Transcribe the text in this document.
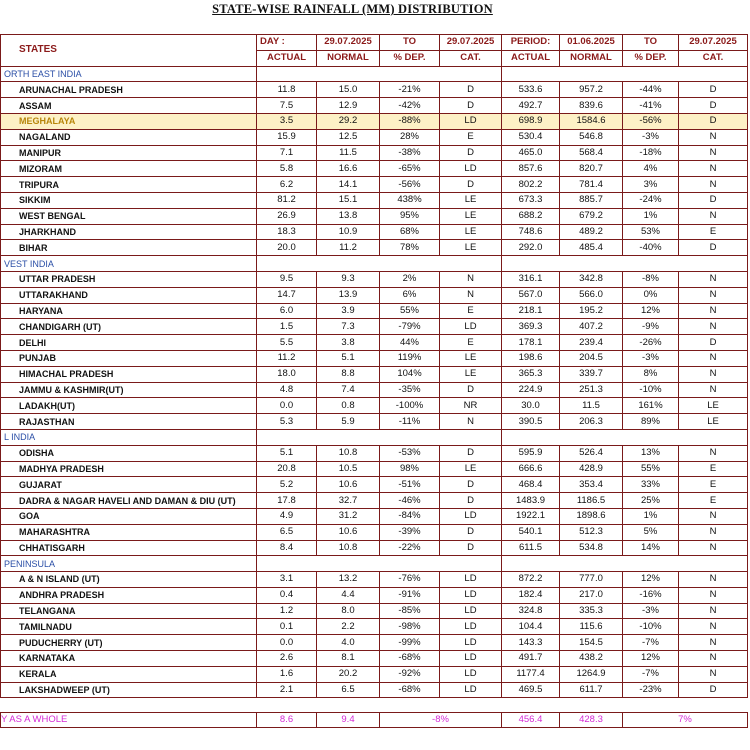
STATE-WISE RAINFALL (MM) DISTRIBUTION
STATES	DAY :	29.07.2025	TO	29.07.2025	PERIOD:	01.06.2025	TO	29.07.2025
	ACTUAL	NORMAL	% DEP.	CAT.	ACTUAL	NORMAL	% DEP.	CAT.
ORTH EAST INDIA								
ARUNACHAL PRADESH	11.8	15.0	-21%	D	533.6	957.2	-44%	D
ASSAM	7.5	12.9	-42%	D	492.7	839.6	-41%	D
MEGHALAYA	3.5	29.2	-88%	LD	698.9	1584.6	-56%	D
NAGALAND	15.9	12.5	28%	E	530.4	546.8	-3%	N
MANIPUR	7.1	11.5	-38%	D	465.0	568.4	-18%	N
MIZORAM	5.8	16.6	-65%	LD	857.6	820.7	4%	N
TRIPURA	6.2	14.1	-56%	D	802.2	781.4	3%	N
SIKKIM	81.2	15.1	438%	LE	673.3	885.7	-24%	D
WEST BENGAL	26.9	13.8	95%	LE	688.2	679.2	1%	N
JHARKHAND	18.3	10.9	68%	LE	748.6	489.2	53%	E
BIHAR	20.0	11.2	78%	LE	292.0	485.4	-40%	D
VEST INDIA								
UTTAR PRADESH	9.5	9.3	2%	N	316.1	342.8	-8%	N
UTTARAKHAND	14.7	13.9	6%	N	567.0	566.0	0%	N
HARYANA	6.0	3.9	55%	E	218.1	195.2	12%	N
CHANDIGARH (UT)	1.5	7.3	-79%	LD	369.3	407.2	-9%	N
DELHI	5.5	3.8	44%	E	178.1	239.4	-26%	D
PUNJAB	11.2	5.1	119%	LE	198.6	204.5	-3%	N
HIMACHAL PRADESH	18.0	8.8	104%	LE	365.3	339.7	8%	N
JAMMU & KASHMIR(UT)	4.8	7.4	-35%	D	224.9	251.3	-10%	N
LADAKH(UT)	0.0	0.8	-100%	NR	30.0	11.5	161%	LE
RAJASTHAN	5.3	5.9	-11%	N	390.5	206.3	89%	LE
L INDIA								
ODISHA	5.1	10.8	-53%	D	595.9	526.4	13%	N
MADHYA PRADESH	20.8	10.5	98%	LE	666.6	428.9	55%	E
GUJARAT	5.2	10.6	-51%	D	468.4	353.4	33%	E
DADRA & NAGAR HAVELI AND DAMAN & DIU (UT)	17.8	32.7	-46%	D	1483.9	1186.5	25%	E
GOA	4.9	31.2	-84%	LD	1922.1	1898.6	1%	N
MAHARASHTRA	6.5	10.6	-39%	D	540.1	512.3	5%	N
CHHATISGARH	8.4	10.8	-22%	D	611.5	534.8	14%	N
PENINSULA								
A & N ISLAND (UT)	3.1	13.2	-76%	LD	872.2	777.0	12%	N
ANDHRA PRADESH	0.4	4.4	-91%	LD	182.4	217.0	-16%	N
TELANGANA	1.2	8.0	-85%	LD	324.8	335.3	-3%	N
TAMILNADU	0.1	2.2	-98%	LD	104.4	115.6	-10%	N
PUDUCHERRY (UT)	0.0	4.0	-99%	LD	143.3	154.5	-7%	N
KARNATAKA	2.6	8.1	-68%	LD	491.7	438.2	12%	N
KERALA	1.6	20.2	-92%	LD	1177.4	1264.9	-7%	N
LAKSHADWEEP (UT)	2.1	6.5	-68%	LD	469.5	611.7	-23%	D

Y AS A WHOLE	8.6	9.4	-8%		456.4	428.3	7%	
